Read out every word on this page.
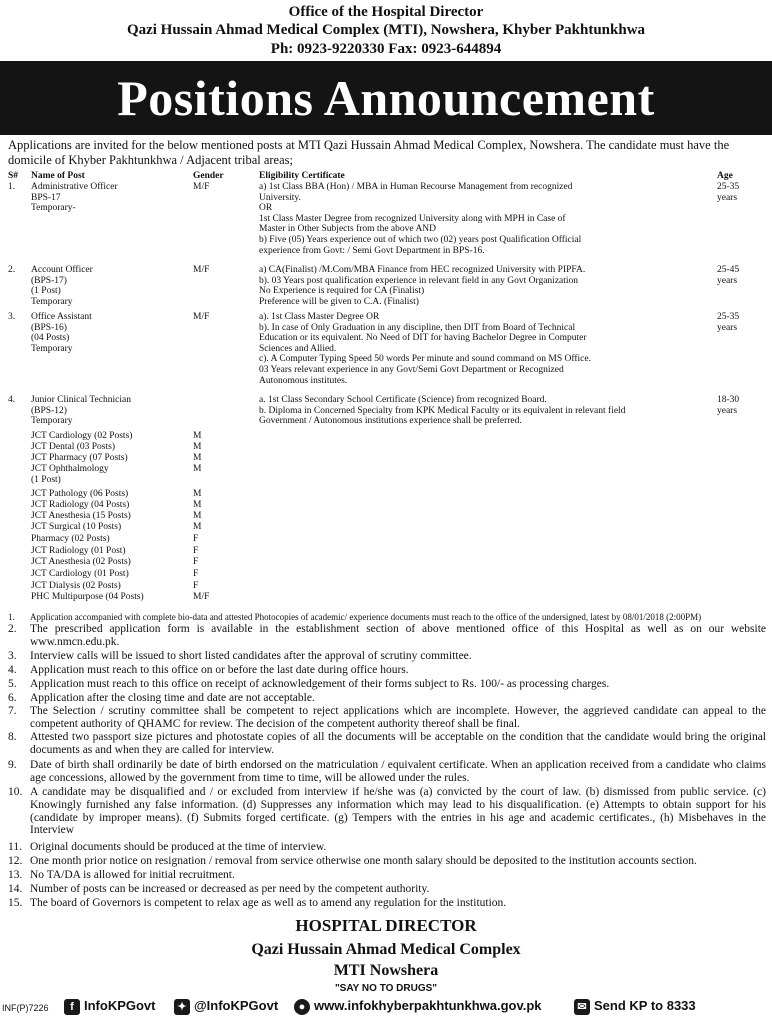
Office of the Hospital Director
Qazi Hussain Ahmad Medical Complex (MTI), Nowshera, Khyber Pakhtunkhwa
Ph: 0923-9220330 Fax: 0923-644894
Positions Announcement
Applications are invited for the below mentioned posts at MTI Qazi Hussain Ahmad Medical Complex, Nowshera. The candidate must have the domicile of Khyber Pakhtunkhwa / Adjacent tribal areas;
S# Name of Post	Gender	Eligibility Certificate	Age
1. Administrative Officer
BPS-17
Temporary-
M/F	a) 1st Class BBA (Hon) / MBA in Human Recourse Management from recognized
University.
OR
1st Class Master Degree from recognized University along with MPH in Case of
Master in Other Subjects from the above AND
b) Five (05) Years experience out of which two (02) years post Qualification Official
experience from Govt: / Semi Govt Department in BPS-16.
25-35
years
2. Account Officer
(BPS-17)
(1 Post)
Temporary
M/F	a) CA(Finalist) /M.Com/MBA Finance from HEC recognized University with PIPFA.
b). 03 Years post qualification experience in relevant field in any Govt Organization
No Experience is required for CA (Finalist)
Preference will be given to C.A. (Finalist)
25-45
years
3. Office Assistant
(BPS-16)
(04 Posts)
Temporary
M/F	a). 1st Class Master Degree OR
b). In case of Only Graduation in any discipline, then DIT from Board of Technical
Education or its equivalent. No Need of DIT for having Bachelor Degree in Computer
Sciences and Allied.
c). A Computer Typing Speed 50 words Per minute and sound command on MS Office.
03 Years relevant experience in any Govt/Semi Govt Department or Recognized
Autonomous institutes.
25-35
years
4. Junior Clinical Technician
(BPS-12)
Temporary
a. 1st Class Secondary School Certificate (Science) from recognized Board.
b. Diploma in Concerned Specialty from KPK Medical Faculty or its equivalent in relevant field
Government / Autonomous institutions experience shall be preferred.
18-30
years
JCT Cardiology (02 Posts)	M
JCT Dental (03 Posts)	M
JCT Pharmacy (07 Posts)	M
JCT Ophthalmology
(1 Post)
M
JCT Pathology (06 Posts)	M
JCT Radiology (04 Posts)	M
JCT Anesthesia (15 Posts)	M
JCT Surgical (10 Posts)	M
Pharmacy (02 Posts)	F
JCT Radiology (01 Post)	F
JCT Anesthesia (02 Posts)	F
JCT Cardiology (01 Post)	F
JCT Dialysis (02 Posts)	F
PHC Multipurpose (04 Posts)	M/F
1. Application accompanied with complete bio-data and attested Photocopies of academic/ experience documents must reach to the office of the undersigned, latest by 08/01/2018 (2:00PM)
2. The prescribed application form is available in the establishment section of above mentioned office of this Hospital as well as on our website www.nmcn.edu.pk.
3. Interview calls will be issued to short listed candidates after the approval of scrutiny committee.
4. Application must reach to this office on or before the last date during office hours.
5. Application must reach to this office on receipt of acknowledgement of their forms subject to Rs. 100/- as processing charges.
6. Application after the closing time and date are not acceptable.
7. The Selection / scrutiny committee shall be competent to reject applications which are incomplete. However, the aggrieved candidate can appeal to the competent authority of QHAMC for review. The decision of the competent authority thereof shall be final.
8. Attested two passport size pictures and photostate copies of all the documents will be acceptable on the condition that the candidate would bring the original documents as and when they are called for interview.
9. Date of birth shall ordinarily be date of birth endorsed on the matriculation / equivalent certificate. When an application received from a candidate who claims age concessions, allowed by the government from time to time, will be allowed under the rules.
10. A candidate may be disqualified and / or excluded from interview if he/she was (a) convicted by the court of law. (b) dismissed from public service. (c) Knowingly furnished any false information. (d) Suppresses any information which may lead to his disqualification. (e) Attempts to obtain support for his (candidate by improper means). (f) Submits forged certificate. (g) Tempers with the entries in his age and academic certificates., (h) Misbehaves in the Interview
11. Original documents should be produced at the time of interview.
12. One month prior notice on resignation / removal from service otherwise one month salary should be deposited to the institution accounts section.
13. No TA/DA is allowed for initial recruitment.
14. Number of posts can be increased or decreased as per need by the competent authority.
15. The board of Governors is competent to relax age as well as to amend any regulation for the institution.
HOSPITAL DIRECTOR
Qazi Hussain Ahmad Medical Complex
MTI Nowshera
"SAY NO TO DRUGS"
INF(P)7226	f InfoKPGovt	✦ @InfoKPGovt	● www.infokhyberpakhtunkhwa.gov.pk	✉ Send KP to 8333
